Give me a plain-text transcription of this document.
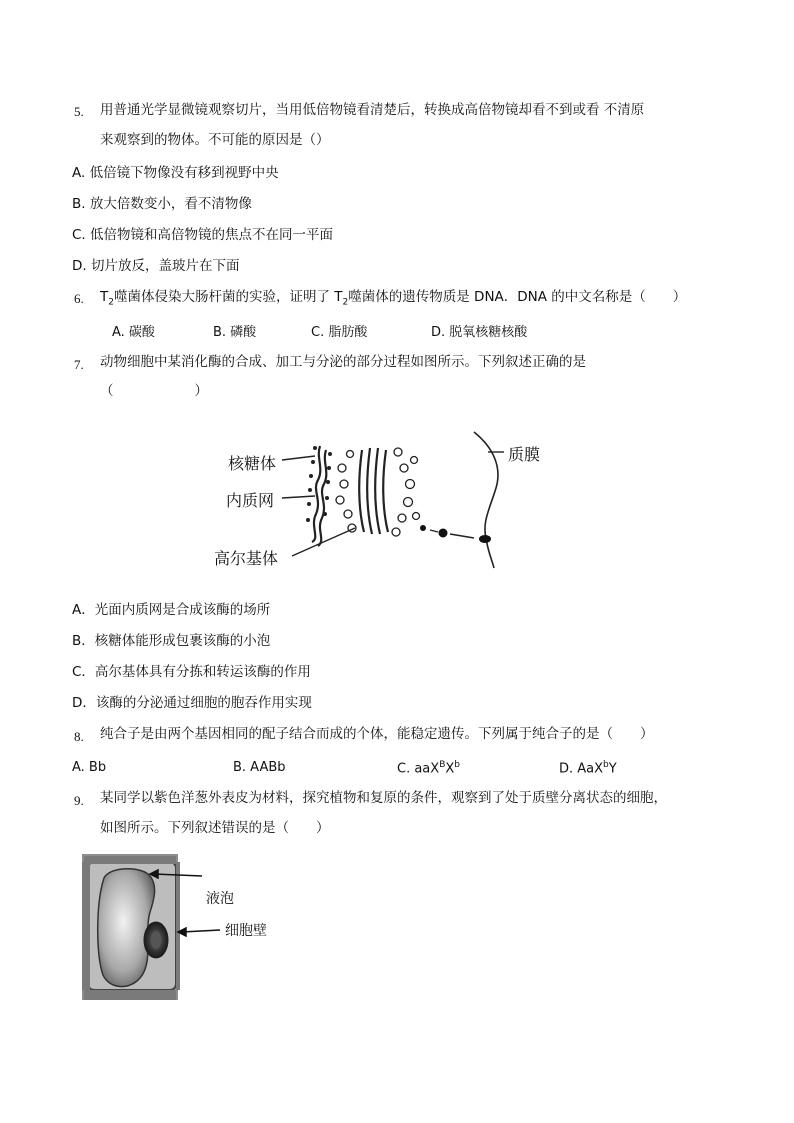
5. 用普通光学显微镜观察切片，当用低倍物镜看清楚后，转换成高倍物镜却看不到或看 不清原
来观察到的物体。不可能的原因是（）
A. 低倍镜下物像没有移到视野中央
B. 放大倍数变小，看不清物像
C. 低倍物镜和高倍物镜的焦点不在同一平面
D. 切片放反，盖玻片在下面
6. $T_2$噬菌体侵染大肠杆菌的实验，证明了 $T_2$噬菌体的遗传物质是 DNA．DNA 的中文名称是（　　）
A. 碳酸	B. 磷酸	C. 脂肪酸	D. 脱氧核糖核酸
7. 动物细胞中某消化酶的合成、加工与分泌的部分过程如图所示。下列叙述正确的是
（　　　　　　）
核糖体
内质网
高尔基体
质膜
A．光面内质网是合成该酶的场所
B．核糖体能形成包裹该酶的小泡
C．高尔基体具有分拣和转运该酶的作用
D．该酶的分泌通过细胞的胞吞作用实现
8. 纯合子是由两个基因相同的配子结合而成的个体，能稳定遗传。下列属于纯合子的是（　　）
A. Bb	B. AABb	C. $aaX^BX^b$	D. AaX$^b$Y
9. 某同学以紫色洋葱外表皮为材料，探究植物和复原的条件，观察到了处于质壁分离状态的细胞，
如图所示。下列叙述错误的是（　　）
液泡
细胞壁
